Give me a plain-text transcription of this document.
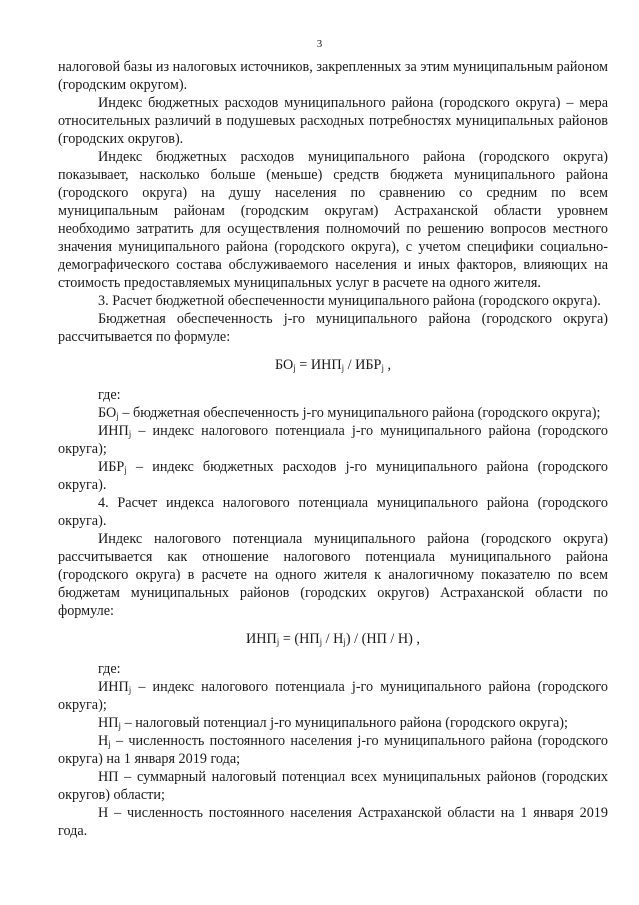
3

налоговой базы из налоговых источников, закрепленных за этим муниципальным районом (городским округом).

Индекс бюджетных расходов муниципального района (городского округа) – мера относительных различий в подушевых расходных потребностях муниципальных районов (городских округов).

Индекс бюджетных расходов муниципального района (городского округа) показывает, насколько больше (меньше) средств бюджета муниципального района (городского округа) на душу населения по сравнению со средним по всем муниципальным районам (городским округам) Астраханской области уровнем необходимо затратить для осуществления полномочий по решению вопросов местного значения муниципального района (городского округа), с учетом специфики социально-демографического состава обслуживаемого населения и иных факторов, влияющих на стоимость предоставляемых муниципальных услуг в расчете на одного жителя.

3. Расчет бюджетной обеспеченности муниципального района (городского округа).

Бюджетная обеспеченность j-го муниципального района (городского округа) рассчитывается по формуле:

$БО_j = ИНП_j / ИБР_j$ ,

где:

$БО_j$ – бюджетная обеспеченность j-го муниципального района (городского округа);

$ИНП_j$ – индекс налогового потенциала j-го муниципального района (городского округа);

$ИБР_j$ – индекс бюджетных расходов j-го муниципального района (городского округа).

4. Расчет индекса налогового потенциала муниципального района (городского округа).

Индекс налогового потенциала муниципального района (городского округа) рассчитывается как отношение налогового потенциала муниципального района (городского округа) в расчете на одного жителя к аналогичному показателю по всем бюджетам муниципальных районов (городских округов) Астраханской области по формуле:

$ИНП_j = (НП_j / Н_j) / (НП / Н)$ ,

где:

$ИНП_j$ – индекс налогового потенциала j-го муниципального района (городского округа);

$НП_j$ – налоговый потенциал j-го муниципального района (городского округа);

$Н_j$ – численность постоянного населения j-го муниципального района (городского округа) на 1 января 2019 года;

НП – суммарный налоговый потенциал всех муниципальных районов (городских округов) области;

Н – численность постоянного населения Астраханской области на 1 января 2019 года.
